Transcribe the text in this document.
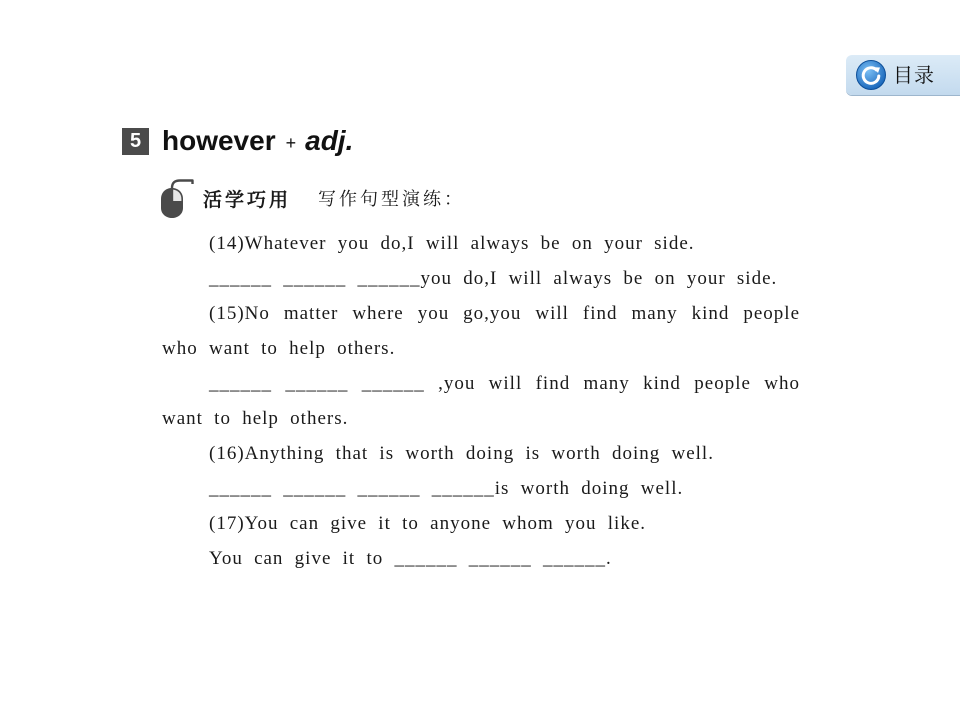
目录
5 however + adj.
活学巧用 写作句型演练：
(14)Whatever you do,I will always be on your side.
______ ______ ______you do,I will always be on your side.
(15)No matter where you go,you will find many kind people
who want to help others.
______ ______ ______ ,you will find many kind people who
want to help others.
(16)Anything that is worth doing is worth doing well.
______ ______ ______ ______is worth doing well.
(17)You can give it to anyone whom you like.
You can give it to ______ ______ ______.
